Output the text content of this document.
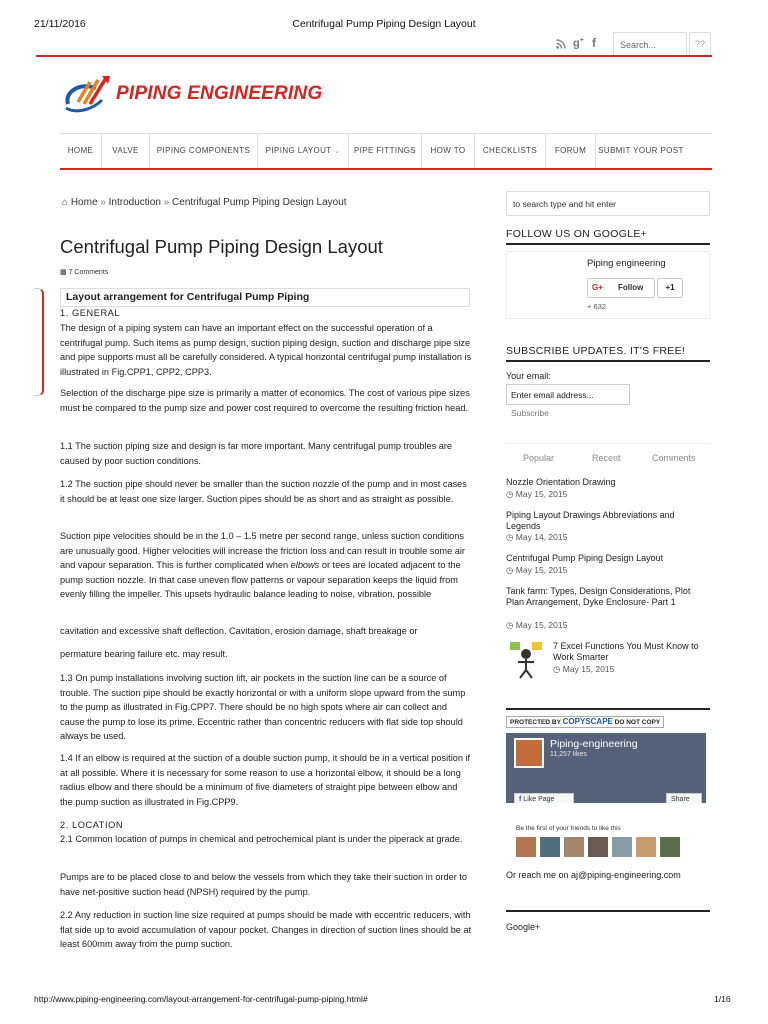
21/11/2016	Centrifugal Pump Piping Design Layout
g+ f	Search...	??
PIPING ENGINEERING
HOME	VALVE	PIPING COMPONENTS	PIPING LAYOUT ⌄	PIPE FITTINGS	HOW TO	CHECKLISTS	FORUM	SUBMIT YOUR POST
⌂ Home » Introduction » Centrifugal Pump Piping Design Layout
Centrifugal Pump Piping Design Layout
▩ 7 Comments
Layout arrangement for Centrifugal Pump Piping
1. GENERAL
The design of a piping system can have an important effect on the successful operation of a centrifugal pump. Such items as pump design, suction piping design, suction and discharge pipe size and pipe supports must all be carefully considered. A typical horizontal centrifugal pump installation is illustrated in Fig.CPP1, CPP2, CPP3.
Selection of the discharge pipe size is primarily a matter of economics. The cost of various pipe sizes must be compared to the pump size and power cost required to overcome the resulting friction head.
1.1 The suction piping size and design is far more important. Many centrifugal pump troubles are caused by poor suction conditions.
1.2 The suction pipe should never be smaller than the suction nozzle of the pump and in most cases it should be at least one size larger. Suction pipes should be as short and as straight as possible.
Suction pipe velocities should be in the 1.0 – 1.5 metre per second range, unless suction conditions are unusually good. Higher velocities will increase the friction loss and can result in trouble some air and vapour separation. This is further complicated when elbows or tees are located adjacent to the pump suction nozzle. In that case uneven flow patterns or vapour separation keeps the liquid from evenly filling the impeller. This upsets hydraulic balance leading to noise, vibration, possible
cavitation and excessive shaft deflection. Cavitation, erosion damage, shaft breakage or
permature bearing failure etc. may result.
1.3 On pump installations involving suction lift, air pockets in the suction line can be a source of trouble. The suction pipe should be exactly horizontal or with a uniform slope upward from the sump to the pump as illustrated in Fig.CPP7. There should be no high spots where air can collect and cause the pump to lose its prime. Eccentric rather than concentric reducers with flat side top should always be used.
1.4 If an elbow is required at the suction of a double suction pump, it should be in a vertical position if at all possible. Where it is necessary for some reason to use a horizontal elbow, it should be a long radius elbow and there should be a minimum of five diameters of straight pipe between elbow and the pump suction as illustrated in Fig.CPP9.
2. LOCATION
2.1 Common location of pumps in chemical and petrochemical plant is under the piperack at grade.
Pumps are to be placed close to and below the vessels from which they take their suction in order to have net-positive suction head (NPSH) required by the pump.
2.2 Any reduction in suction line size required at pumps should be made with eccentric reducers, with flat side up to avoid accumulation of vapour pocket. Changes in direction of suction lines should be at least 600mm away from the pump suction.
to search type and hit enter
FOLLOW US ON GOOGLE+
Piping engineering
G+ Follow	+1
+ 632
SUBSCRIBE UPDATES. IT'S FREE!
Your email:
Enter email address...
Subscribe
Popular	Recent	Comments
Nozzle Orientation Drawing
◷ May 15, 2015
Piping Layout Drawings Abbreviations and Legends
◷ May 14, 2015
Centrifugal Pump Piping Design Layout
◷ May 15, 2015
Tank farm: Types, Design Considerations, Plot Plan Arrangement, Dyke Enclosure- Part 1
◷ May 15, 2015
7 Excel Functions You Must Know to Work Smarter
◷ May 15, 2015
PROTECTED BY COPYSCAPE DO NOT COPY
Piping-engineering
11,257 likes
f Like Page	Share
Be the first of your friends to like this
Or reach me on aj@piping-engineering.com
Google+
http://www.piping-engineering.com/layout-arrangement-for-centrifugal-pump-piping.html#	1/16
